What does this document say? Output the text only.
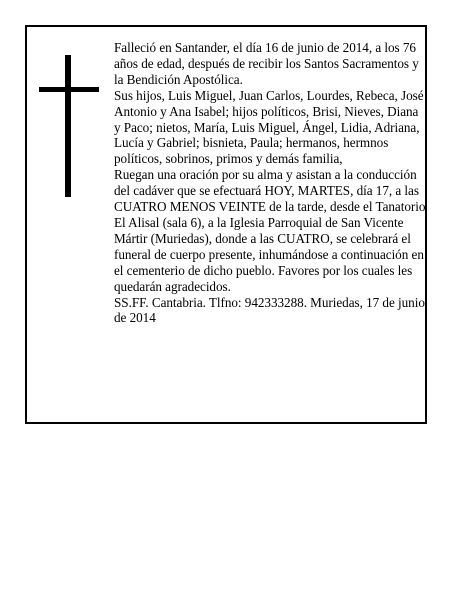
Falleció en Santander, el día 16 de junio de 2014, a los 76 años de edad, después de recibir los Santos Sacramentos y la Bendición Apostólica.

Sus hijos, Luis Miguel, Juan Carlos, Lourdes, Rebeca, José Antonio y Ana Isabel; hijos políticos, Brisi, Nieves, Diana y Paco; nietos, María, Luis Miguel, Ángel, Lidia, Adriana, Lucía y Gabriel; bisnieta, Paula; hermanos, hermnos políticos, sobrinos, primos y demás familia,

Ruegan una oración por su alma y asistan a la conducción del cadáver que se efectuará HOY, MARTES, día 17, a las CUATRO MENOS VEINTE de la tarde, desde el Tanatorio El Alisal (sala 6), a la Iglesia Parroquial de San Vicente Mártir (Muriedas), donde a las CUATRO, se celebrará el funeral de cuerpo presente, inhumándose a continuación en el cementerio de dicho pueblo. Favores por los cuales les quedarán agradecidos.

SS.FF. Cantabria. Tlfno: 942333288. Muriedas, 17 de junio de 2014
